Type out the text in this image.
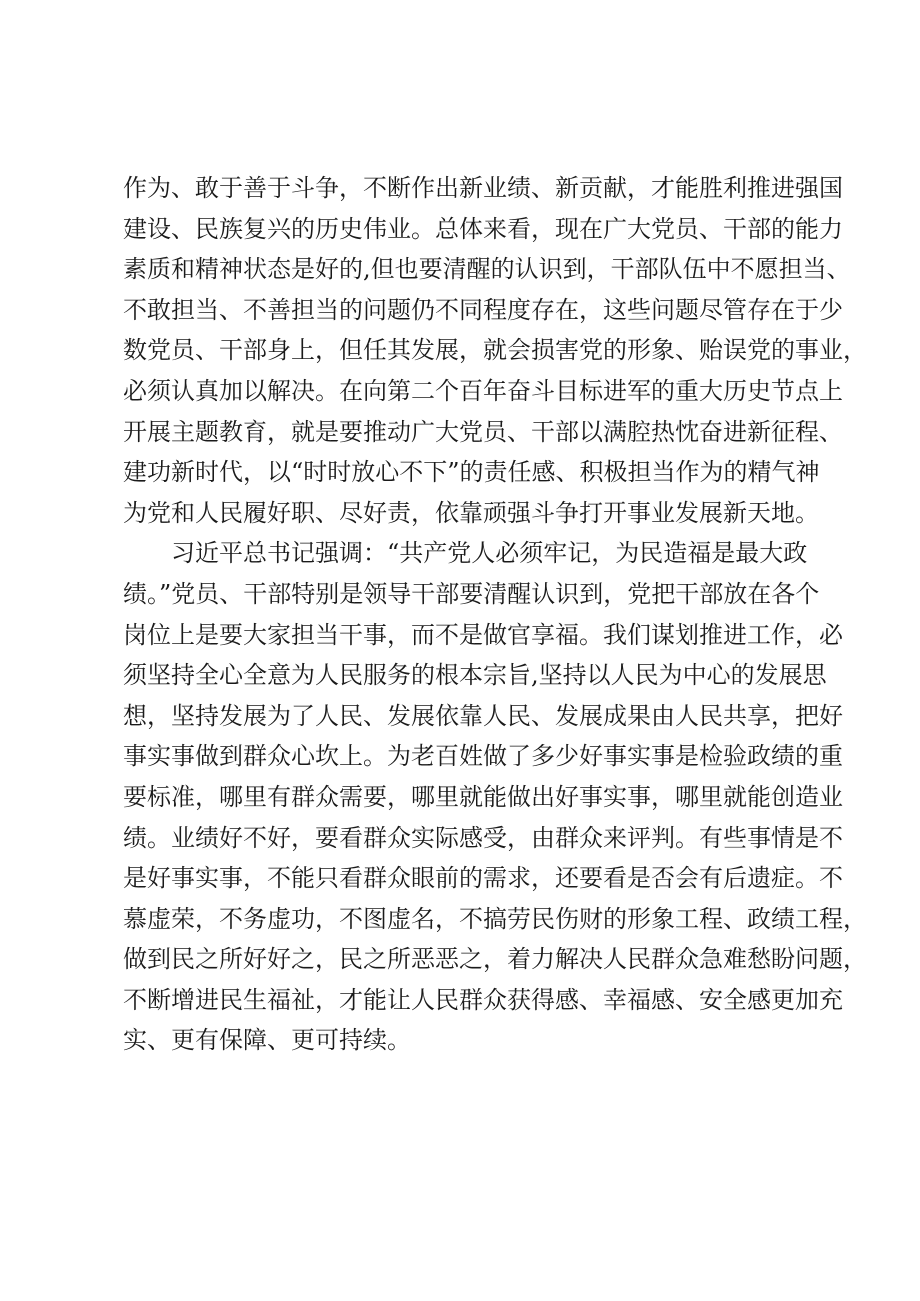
作为、敢于善于斗争，不断作出新业绩、新贡献，才能胜利推进强国
建设、民族复兴的历史伟业。总体来看，现在广大党员、干部的能力
素质和精神状态是好的,但也要清醒的认识到，干部队伍中不愿担当、
不敢担当、不善担当的问题仍不同程度存在，这些问题尽管存在于少
数党员、干部身上，但任其发展，就会损害党的形象、贻误党的事业，
必须认真加以解决。在向第二个百年奋斗目标进军的重大历史节点上
开展主题教育，就是要推动广大党员、干部以满腔热忱奋进新征程、
建功新时代，以“时时放心不下”的责任感、积极担当作为的精气神
为党和人民履好职、尽好责，依靠顽强斗争打开事业发展新天地。
习近平总书记强调：“共产党人必须牢记，为民造福是最大政
绩。”党员、干部特别是领导干部要清醒认识到，党把干部放在各个
岗位上是要大家担当干事，而不是做官享福。我们谋划推进工作，必
须坚持全心全意为人民服务的根本宗旨,坚持以人民为中心的发展思
想，坚持发展为了人民、发展依靠人民、发展成果由人民共享，把好
事实事做到群众心坎上。为老百姓做了多少好事实事是检验政绩的重
要标准，哪里有群众需要，哪里就能做出好事实事，哪里就能创造业
绩。业绩好不好，要看群众实际感受，由群众来评判。有些事情是不
是好事实事，不能只看群众眼前的需求，还要看是否会有后遗症。不
慕虚荣，不务虚功，不图虚名，不搞劳民伤财的形象工程、政绩工程，
做到民之所好好之，民之所恶恶之，着力解决人民群众急难愁盼问题，
不断增进民生福祉，才能让人民群众获得感、幸福感、安全感更加充
实、更有保障、更可持续。
